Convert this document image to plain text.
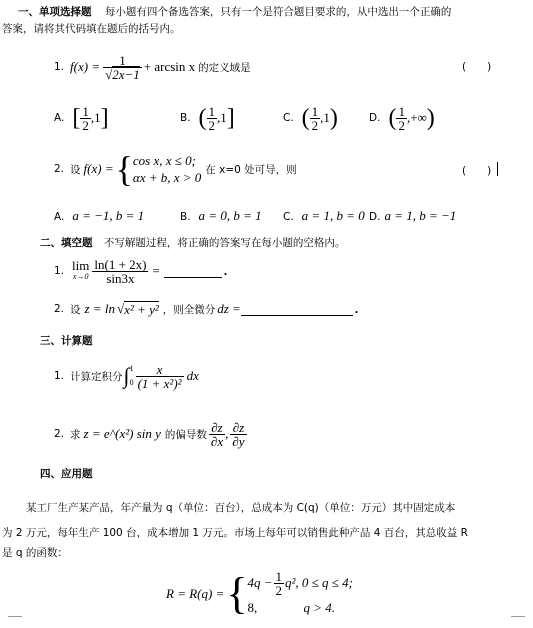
一、单项选择题 每小题有四个备选答案，只有一个是符合题目要求的，从中选出一个正确的
答案，请将其代码填在题后的括号内。
1. $f(x) = \frac{1}{√2x-1} + \arcsin x$ 的定义域是	(　　)
A. [ $\frac{1}{2} ,1$ ]	B. ( $\frac{1}{2} ,1$ ]	C. ( $\frac{1}{2} ,1$ )	D. ( $\frac{1}{2}$ ,+∞ )
2. 设 f(x) = { cos x, x ≤ 0;
αx + b, x > 0
在 x=0 处可导，则	(　　)
A. a = −1, b = 1	B. a = 0, b = 1 C. a = 1, b = 0 D. a = 1, b = −1
二、填空题 不写解题过程，将正确的答案写在每小题的空格内。
1. lim
$x\to 0 \frac{\ln(1 + 2x)}{\sin 3x}$ =	.
2. 设 z = ln √ x² + y² ，则全微分 dz =	.
三、计算题
1. 计算定积分 ∫ 1
$0 \frac{x}{\text{(1 + x²)²}}$ dx
2. 求 z = e^(x²) sin y 的偏导数 $\frac{\partial z}{\partial x}$ , $\frac{\partial z}{\partial y}$
四、应用题
某工厂生产某产品，年产量为 q（单位：百台），总成本为 C(q)（单位：万元）其中固定成本
为 2 万元，每年生产 100 台，成本增加 1 万元。市场上每年可以销售此种产品 4 百台，其总收益 R
是 q 的函数：
R = R(q) = { $4q - \frac{1}{2} q^2$, 0 ≤ q ≤ 4;
8,	q > 4.
